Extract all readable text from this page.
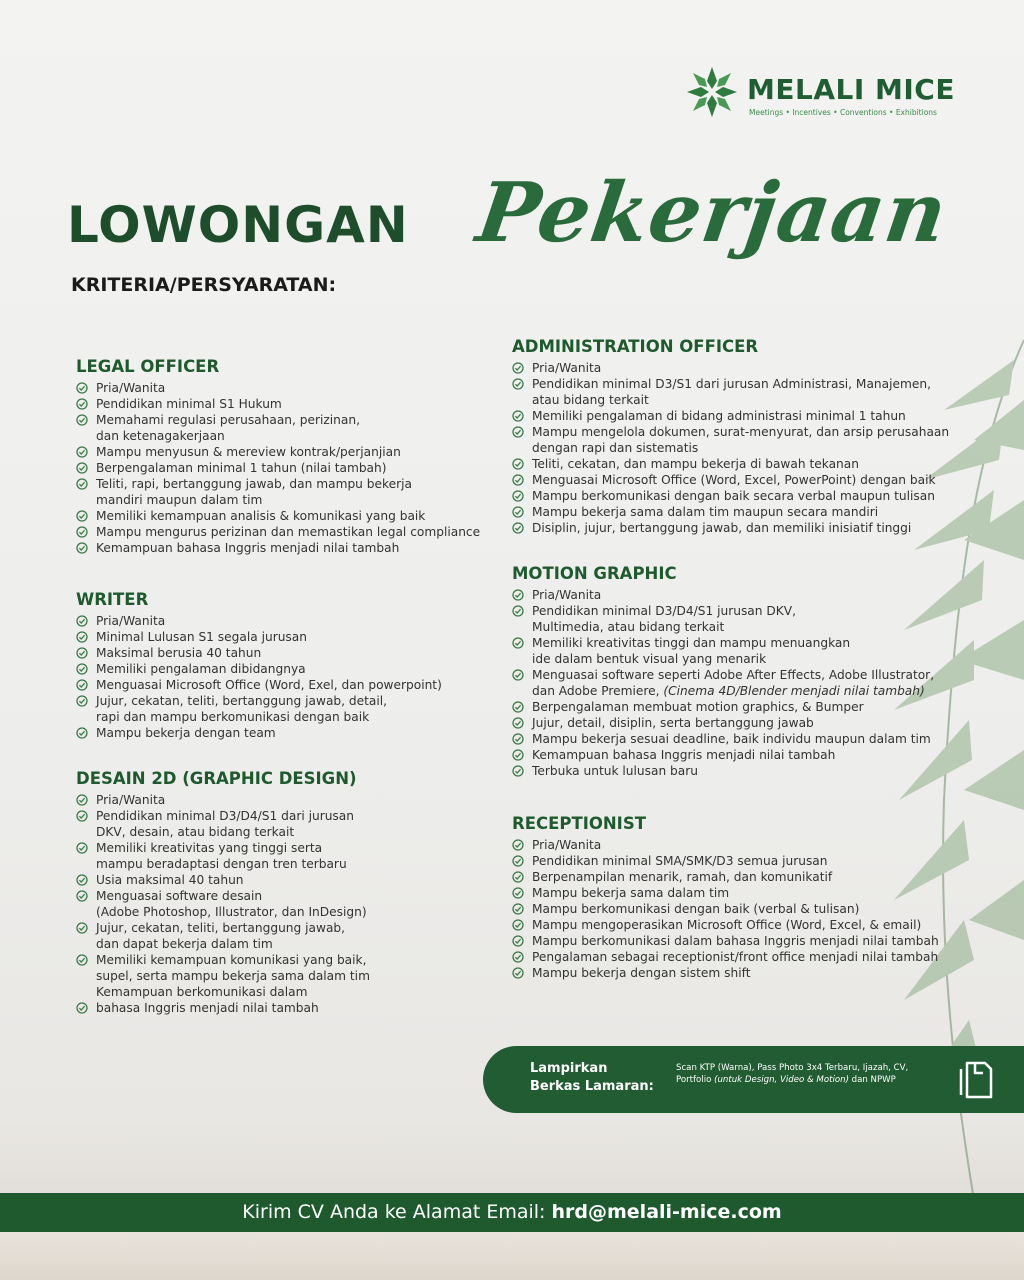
MELALI MICE
Meetings • Incentives • Conventions • Exhibitions
LOWONGAN Pekerjaan
KRITERIA/PERSYARATAN:
LEGAL OFFICER
Pria/Wanita
Pendidikan minimal S1 Hukum
Memahami regulasi perusahaan, perizinan,
dan ketenagakerjaan
Mampu menyusun & mereview kontrak/perjanjian
Berpengalaman minimal 1 tahun (nilai tambah)
Teliti, rapi, bertanggung jawab, dan mampu bekerja
mandiri maupun dalam tim
Memiliki kemampuan analisis & komunikasi yang baik
Mampu mengurus perizinan dan memastikan legal compliance
Kemampuan bahasa Inggris menjadi nilai tambah
WRITER
Pria/Wanita
Minimal Lulusan S1 segala jurusan
Maksimal berusia 40 tahun
Memiliki pengalaman dibidangnya
Menguasai Microsoft Office (Word, Exel, dan powerpoint)
Jujur, cekatan, teliti, bertanggung jawab, detail,
rapi dan mampu berkomunikasi dengan baik
Mampu bekerja dengan team
DESAIN 2D (GRAPHIC DESIGN)
Pria/Wanita
Pendidikan minimal D3/D4/S1 dari jurusan
DKV, desain, atau bidang terkait
Memiliki kreativitas yang tinggi serta
mampu beradaptasi dengan tren terbaru
Usia maksimal 40 tahun
Menguasai software desain
(Adobe Photoshop, Illustrator, dan InDesign)
Jujur, cekatan, teliti, bertanggung jawab,
dan dapat bekerja dalam tim
Memiliki kemampuan komunikasi yang baik,
supel, serta mampu bekerja sama dalam tim
Kemampuan berkomunikasi dalam
bahasa Inggris menjadi nilai tambah
ADMINISTRATION OFFICER
Pria/Wanita
Pendidikan minimal D3/S1 dari jurusan Administrasi, Manajemen,
atau bidang terkait
Memiliki pengalaman di bidang administrasi minimal 1 tahun
Mampu mengelola dokumen, surat-menyurat, dan arsip perusahaan
dengan rapi dan sistematis
Teliti, cekatan, dan mampu bekerja di bawah tekanan
Menguasai Microsoft Office (Word, Excel, PowerPoint) dengan baik
Mampu berkomunikasi dengan baik secara verbal maupun tulisan
Mampu bekerja sama dalam tim maupun secara mandiri
Disiplin, jujur, bertanggung jawab, dan memiliki inisiatif tinggi
MOTION GRAPHIC
Pria/Wanita
Pendidikan minimal D3/D4/S1 jurusan DKV,
Multimedia, atau bidang terkait
Memiliki kreativitas tinggi dan mampu menuangkan
ide dalam bentuk visual yang menarik
Menguasai software seperti Adobe After Effects, Adobe Illustrator,
dan Adobe Premiere, (Cinema 4D/Blender menjadi nilai tambah)
Berpengalaman membuat motion graphics, & Bumper
Jujur, detail, disiplin, serta bertanggung jawab
Mampu bekerja sesuai deadline, baik individu maupun dalam tim
Kemampuan bahasa Inggris menjadi nilai tambah
Terbuka untuk lulusan baru
RECEPTIONIST
Pria/Wanita
Pendidikan minimal SMA/SMK/D3 semua jurusan
Berpenampilan menarik, ramah, dan komunikatif
Mampu bekerja sama dalam tim
Mampu berkomunikasi dengan baik (verbal & tulisan)
Mampu mengoperasikan Microsoft Office (Word, Excel, & email)
Mampu berkomunikasi dalam bahasa Inggris menjadi nilai tambah
Pengalaman sebagai receptionist/front office menjadi nilai tambah
Mampu bekerja dengan sistem shift
Lampirkan
Berkas Lamaran:
Scan KTP (Warna), Pass Photo 3x4 Terbaru, Ijazah, CV, Portfolio (untuk Design, Video & Motion) dan NPWP
Kirim CV Anda ke Alamat Email: hrd@melali-mice.com
